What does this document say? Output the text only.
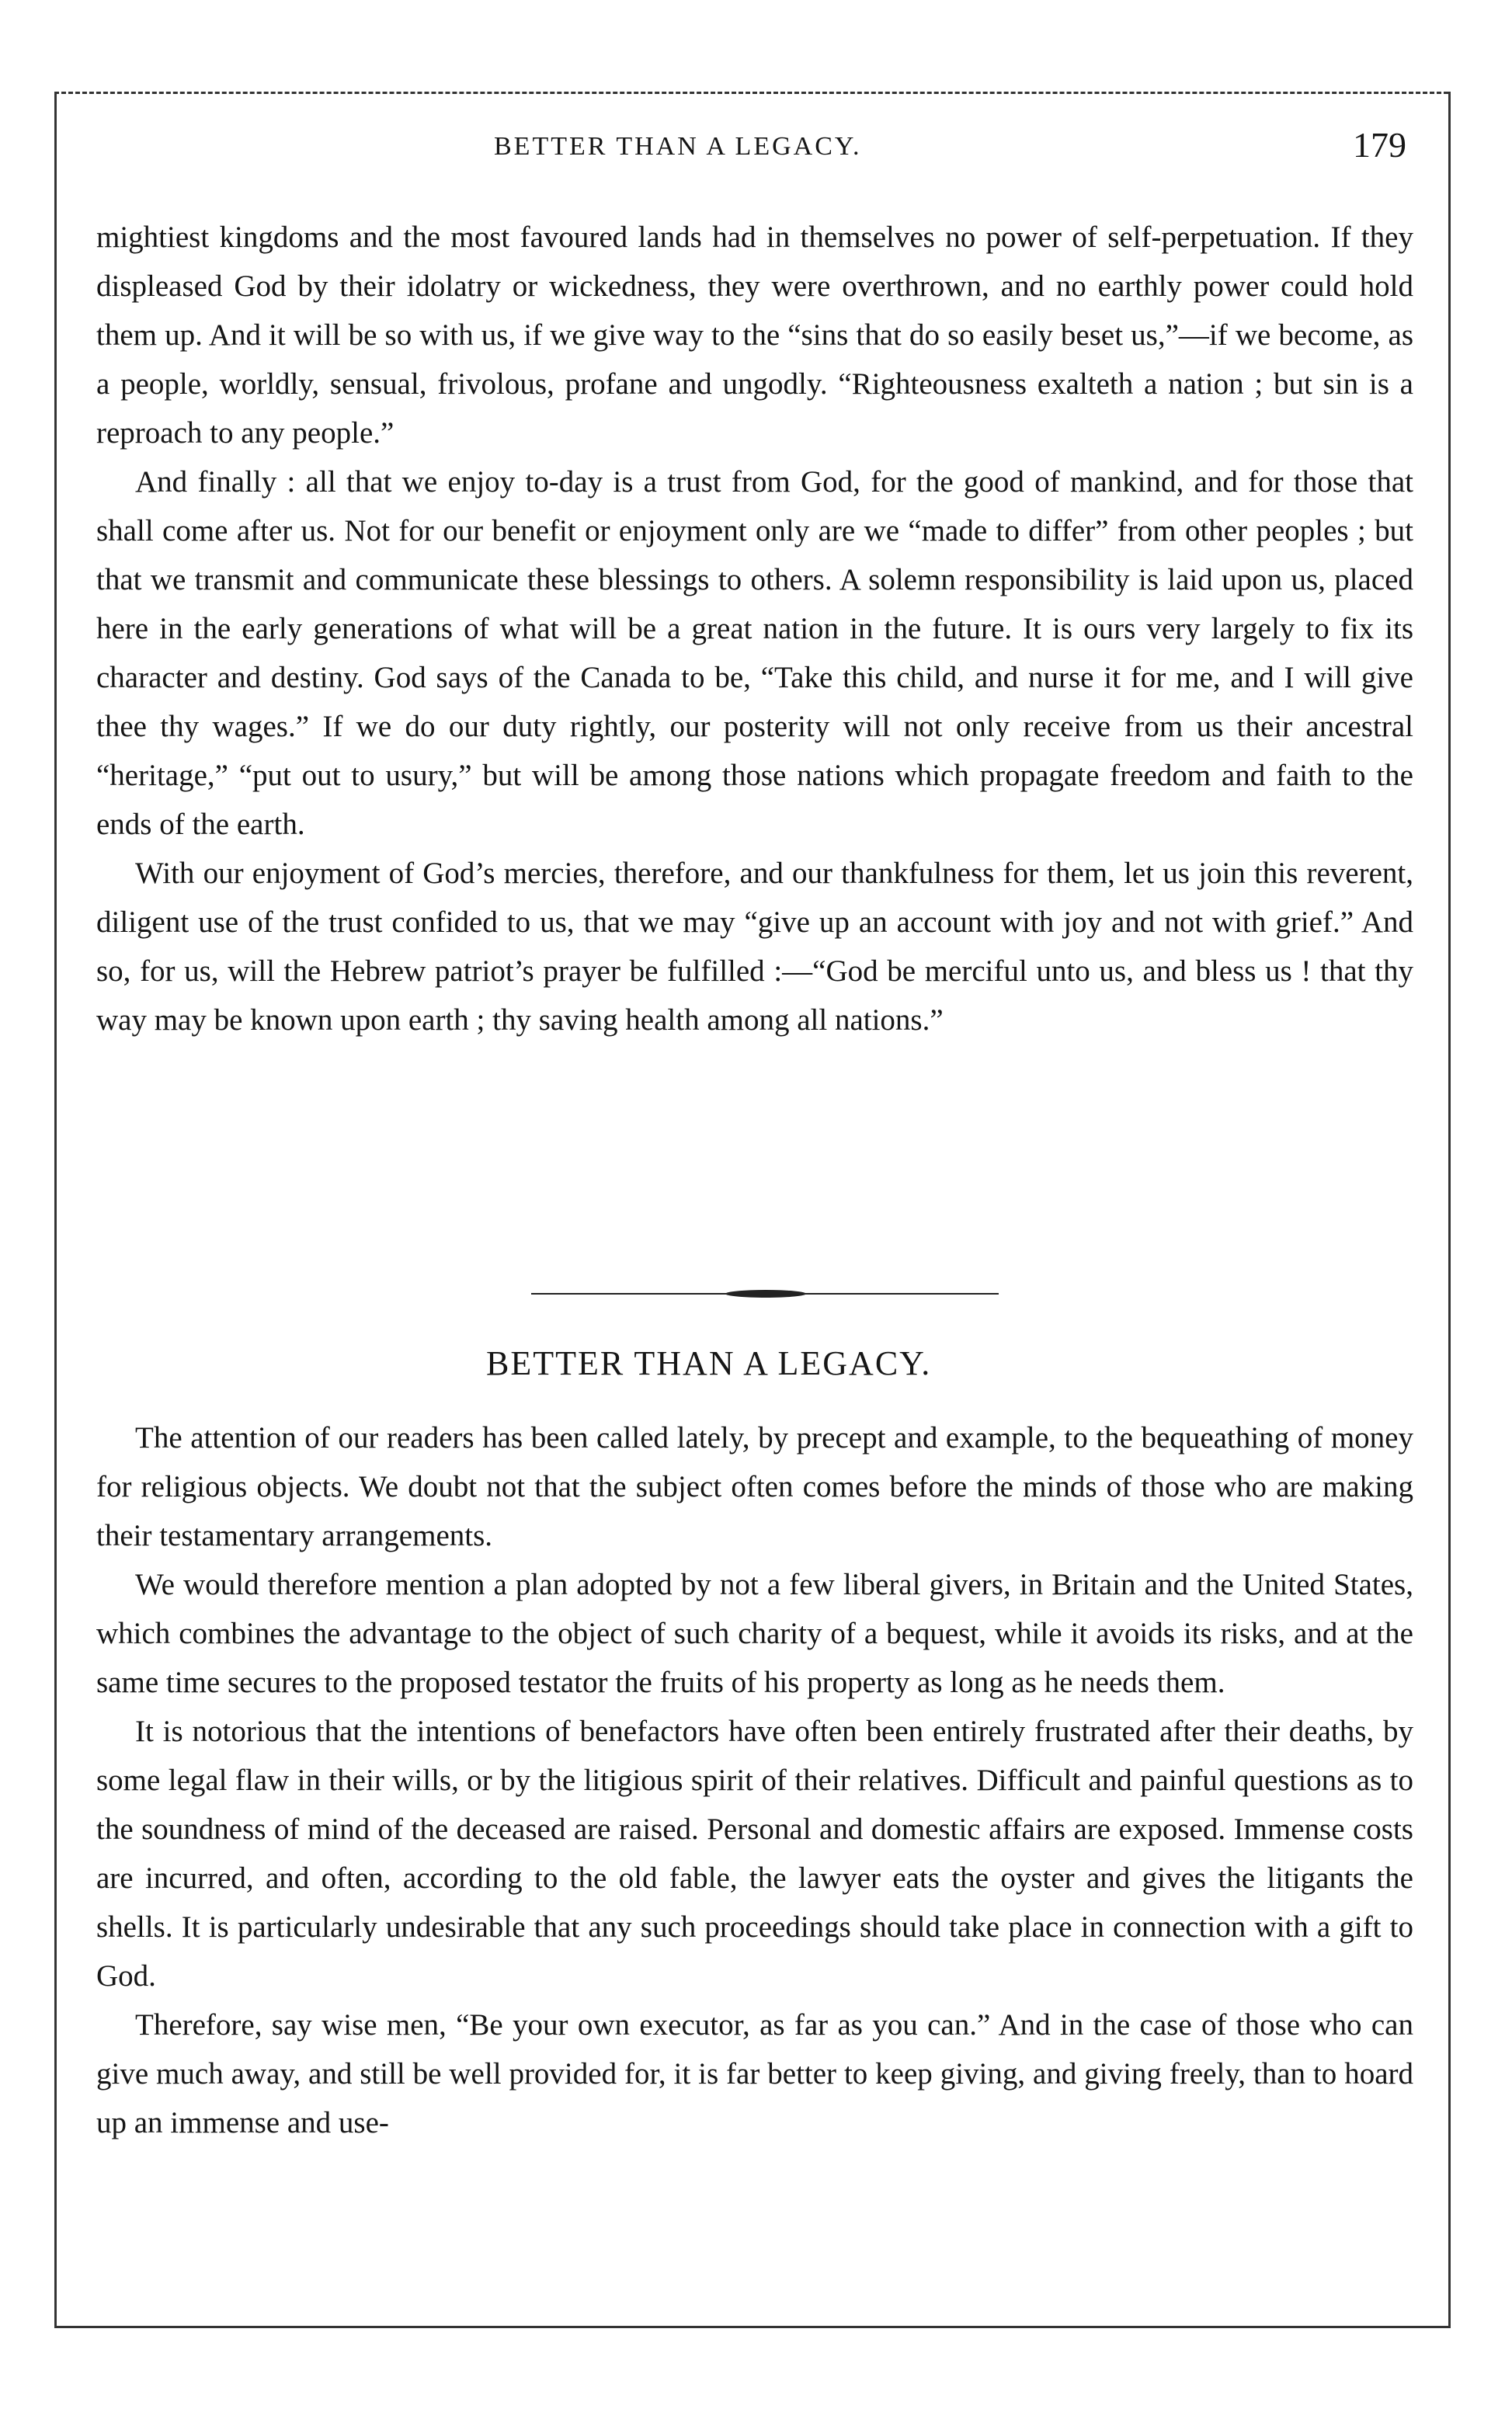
BETTER THAN A LEGACY.	179

mightiest kingdoms and the most favoured lands had in themselves no power of self-perpetuation. If they displeased God by their idolatry or wickedness, they were overthrown, and no earthly power could hold them up. And it will be so with us, if we give way to the “sins that do so easily beset us,”—if we become, as a people, worldly, sensual, frivolous, profane and ungodly. “Righteousness exalteth a nation ; but sin is a reproach to any people.”

And finally : all that we enjoy to-day is a trust from God, for the good of mankind, and for those that shall come after us. Not for our benefit or enjoyment only are we “made to differ” from other peoples ; but that we transmit and communicate these blessings to others. A solemn responsibility is laid upon us, placed here in the early generations of what will be a great nation in the future. It is ours very largely to fix its character and destiny. God says of the Canada to be, “Take this child, and nurse it for me, and I will give thee thy wages.” If we do our duty rightly, our posterity will not only receive from us their ancestral “heritage,” “put out to usury,” but will be among those nations which propagate freedom and faith to the ends of the earth.

With our enjoyment of God’s mercies, therefore, and our thankfulness for them, let us join this reverent, diligent use of the trust confided to us, that we may “give up an account with joy and not with grief.” And so, for us, will the Hebrew patriot’s prayer be fulfilled :—“God be merciful unto us, and bless us ! that thy way may be known upon earth ; thy saving health among all nations.”

BETTER THAN A LEGACY.

The attention of our readers has been called lately, by precept and example, to the bequeathing of money for religious objects. We doubt not that the subject often comes before the minds of those who are making their testamentary arrangements.

We would therefore mention a plan adopted by not a few liberal givers, in Britain and the United States, which combines the advantage to the object of such charity of a bequest, while it avoids its risks, and at the same time secures to the proposed testator the fruits of his property as long as he needs them.

It is notorious that the intentions of benefactors have often been entirely frustrated after their deaths, by some legal flaw in their wills, or by the litigious spirit of their relatives. Difficult and painful questions as to the soundness of mind of the deceased are raised. Personal and domestic affairs are exposed. Immense costs are incurred, and often, according to the old fable, the lawyer eats the oyster and gives the litigants the shells. It is particularly undesirable that any such proceedings should take place in connection with a gift to God.

Therefore, say wise men, “Be your own executor, as far as you can.” And in the case of those who can give much away, and still be well provided for, it is far better to keep giving, and giving freely, than to hoard up an immense and use-
